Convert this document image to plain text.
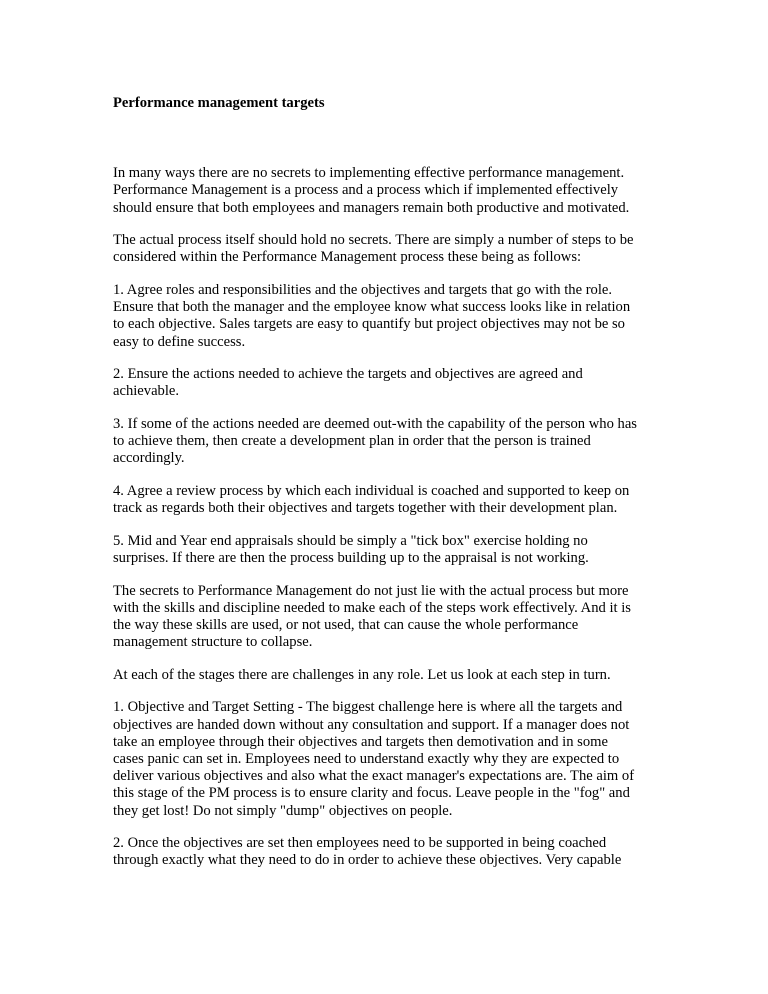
Performance management targets
In many ways there are no secrets to implementing effective performance management.
Performance Management is a process and a process which if implemented effectively
should ensure that both employees and managers remain both productive and motivated.
The actual process itself should hold no secrets. There are simply a number of steps to be
considered within the Performance Management process these being as follows:
1. Agree roles and responsibilities and the objectives and targets that go with the role.
Ensure that both the manager and the employee know what success looks like in relation
to each objective. Sales targets are easy to quantify but project objectives may not be so
easy to define success.
2. Ensure the actions needed to achieve the targets and objectives are agreed and
achievable.
3. If some of the actions needed are deemed out-with the capability of the person who has
to achieve them, then create a development plan in order that the person is trained
accordingly.
4. Agree a review process by which each individual is coached and supported to keep on
track as regards both their objectives and targets together with their development plan.
5. Mid and Year end appraisals should be simply a "tick box" exercise holding no
surprises. If there are then the process building up to the appraisal is not working.
The secrets to Performance Management do not just lie with the actual process but more
with the skills and discipline needed to make each of the steps work effectively. And it is
the way these skills are used, or not used, that can cause the whole performance
management structure to collapse.
At each of the stages there are challenges in any role. Let us look at each step in turn.
1. Objective and Target Setting - The biggest challenge here is where all the targets and
objectives are handed down without any consultation and support. If a manager does not
take an employee through their objectives and targets then demotivation and in some
cases panic can set in. Employees need to understand exactly why they are expected to
deliver various objectives and also what the exact manager's expectations are. The aim of
this stage of the PM process is to ensure clarity and focus. Leave people in the "fog" and
they get lost! Do not simply "dump" objectives on people.
2. Once the objectives are set then employees need to be supported in being coached
through exactly what they need to do in order to achieve these objectives. Very capable
